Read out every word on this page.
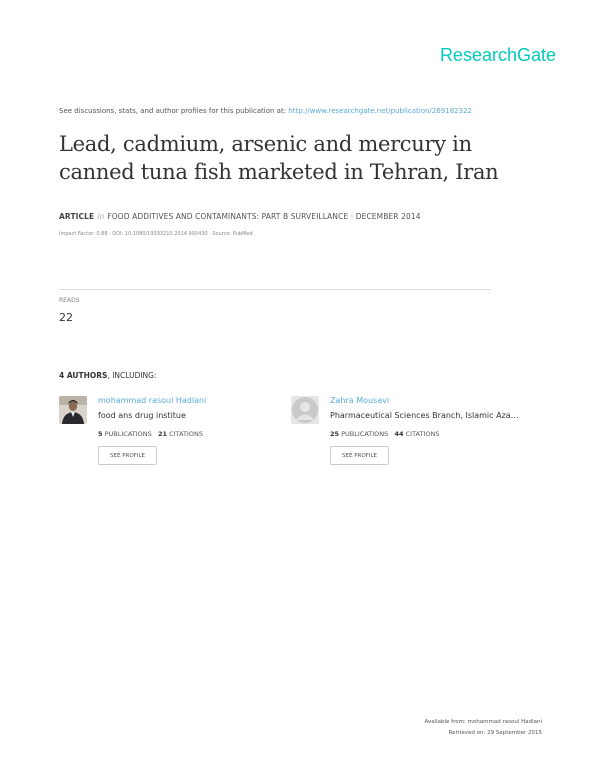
ResearchGate
See discussions, stats, and author profiles for this publication at: http://www.researchgate.net/publication/269182322
Lead, cadmium, arsenic and mercury in canned tuna fish marketed in Tehran, Iran
ARTICLE in FOOD ADDITIVES AND CONTAMINANTS: PART B SURVEILLANCE · DECEMBER 2014
Impact Factor: 0.88 · DOI: 10.1080/19393210.2014.993430 · Source: PubMed
READS
22
4 AUTHORS, INCLUDING:
mohammad rasoul Hadiani
food ans drug institue
5 PUBLICATIONS 21 CITATIONS
SEE PROFILE
Zahra Mousavi
Pharmaceutical Sciences Branch, Islamic Aza…
25 PUBLICATIONS 44 CITATIONS
SEE PROFILE
Available from: mohammad rasoul Hadiani
Retrieved on: 29 September 2015
